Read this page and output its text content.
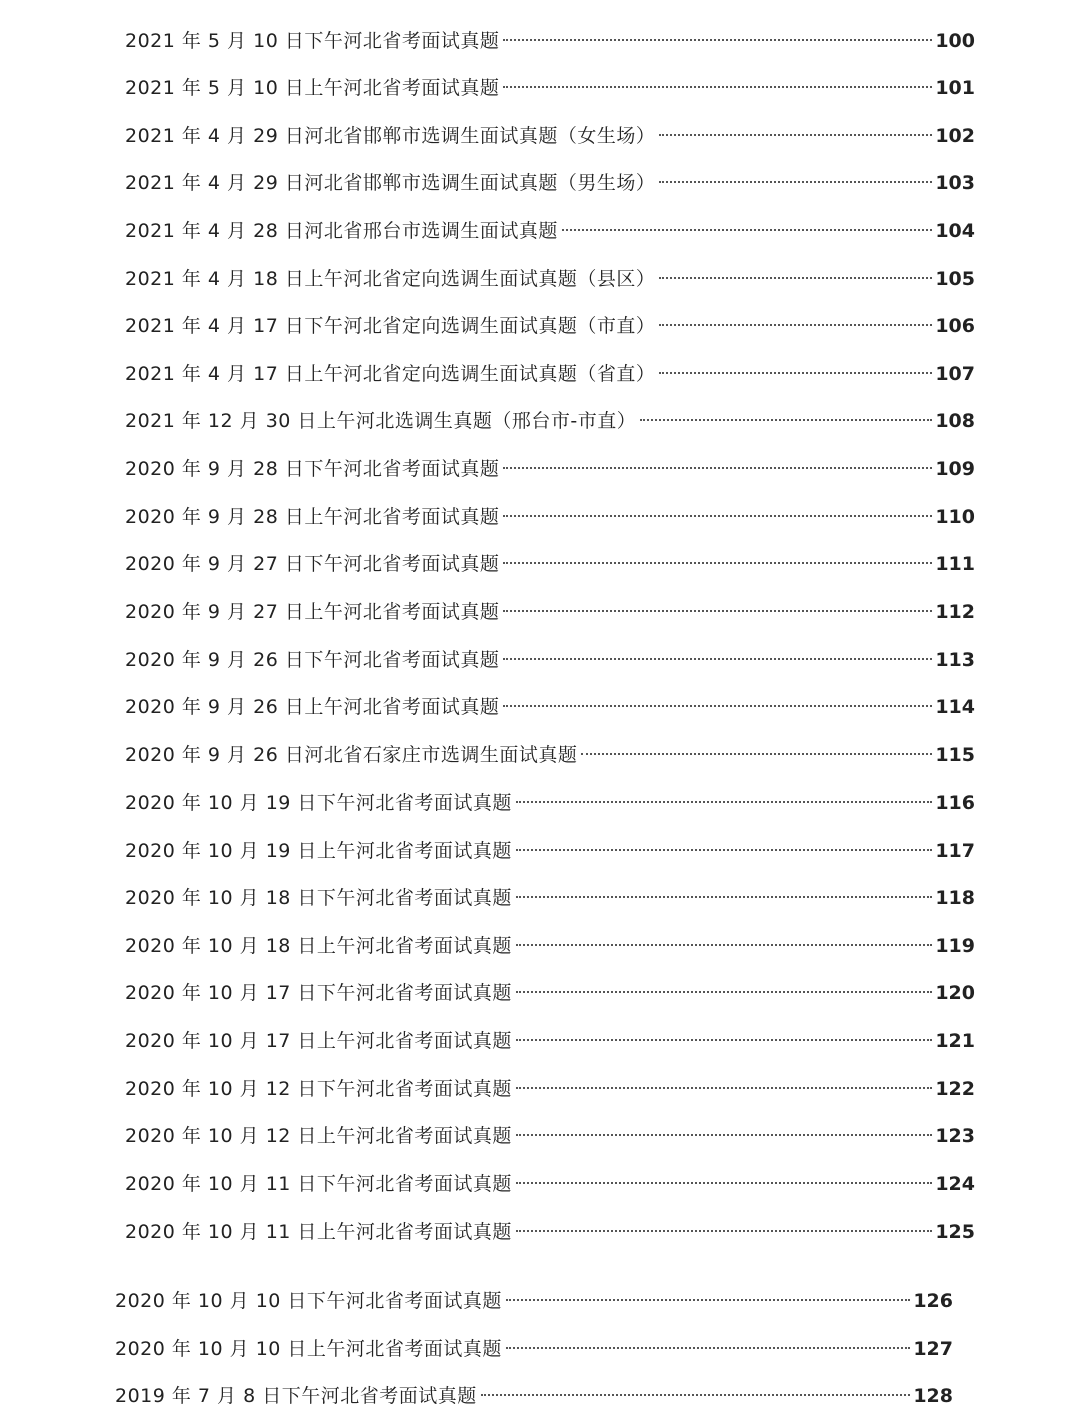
2021 年 5 月 10 日下午河北省考面试真题	100
2021 年 5 月 10 日上午河北省考面试真题	101
2021 年 4 月 29 日河北省邯郸市选调生面试真题（女生场）	102
2021 年 4 月 29 日河北省邯郸市选调生面试真题（男生场）	103
2021 年 4 月 28 日河北省邢台市选调生面试真题	104
2021 年 4 月 18 日上午河北省定向选调生面试真题（县区）	105
2021 年 4 月 17 日下午河北省定向选调生面试真题（市直）	106
2021 年 4 月 17 日上午河北省定向选调生面试真题（省直）	107
2021 年 12 月 30 日上午河北选调生真题（邢台市-市直）	108
2020 年 9 月 28 日下午河北省考面试真题	109
2020 年 9 月 28 日上午河北省考面试真题	110
2020 年 9 月 27 日下午河北省考面试真题	111
2020 年 9 月 27 日上午河北省考面试真题	112
2020 年 9 月 26 日下午河北省考面试真题	113
2020 年 9 月 26 日上午河北省考面试真题	114
2020 年 9 月 26 日河北省石家庄市选调生面试真题	115
2020 年 10 月 19 日下午河北省考面试真题	116
2020 年 10 月 19 日上午河北省考面试真题	117
2020 年 10 月 18 日下午河北省考面试真题	118
2020 年 10 月 18 日上午河北省考面试真题	119
2020 年 10 月 17 日下午河北省考面试真题	120
2020 年 10 月 17 日上午河北省考面试真题	121
2020 年 10 月 12 日下午河北省考面试真题	122
2020 年 10 月 12 日上午河北省考面试真题	123
2020 年 10 月 11 日下午河北省考面试真题	124
2020 年 10 月 11 日上午河北省考面试真题	125
2020 年 10 月 10 日下午河北省考面试真题	126
2020 年 10 月 10 日上午河北省考面试真题	127
2019 年 7 月 8 日下午河北省考面试真题	128
